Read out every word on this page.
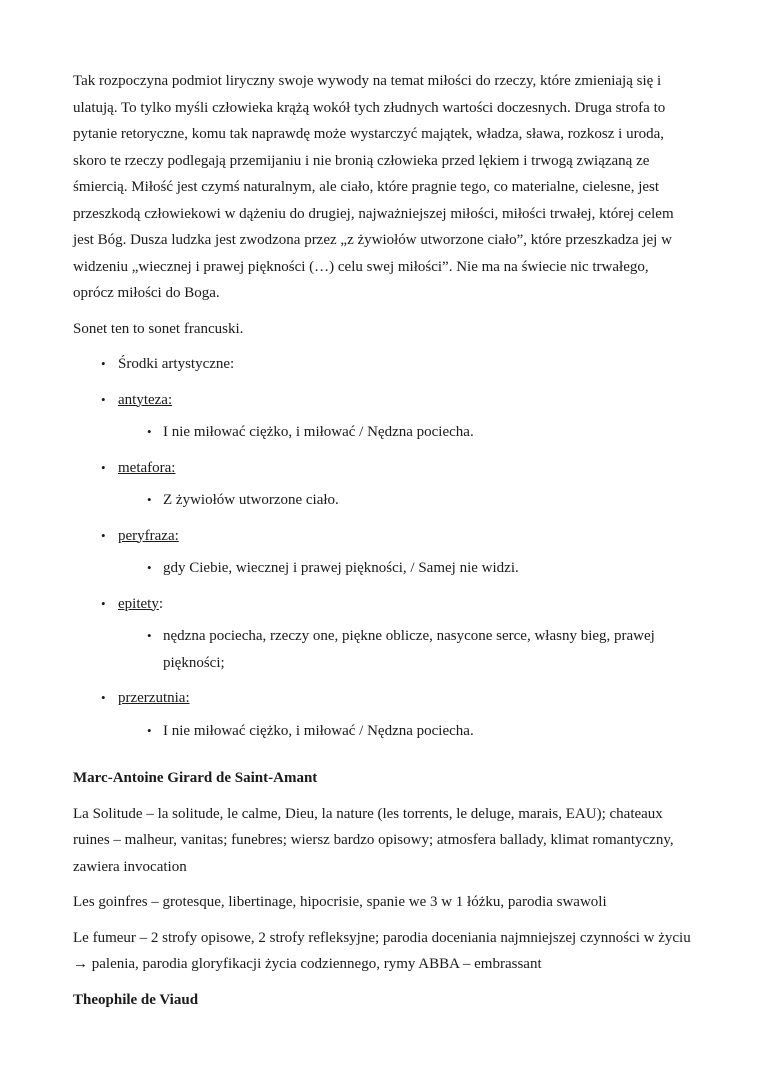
Tak rozpoczyna podmiot liryczny swoje wywody na temat miłości do rzeczy, które zmieniają się i ulatują. To tylko myśli człowieka krążą wokół tych złudnych wartości doczesnych. Druga strofa to pytanie retoryczne, komu tak naprawdę może wystarczyć majątek, władza, sława, rozkosz i uroda, skoro te rzeczy podlegają przemijaniu i nie bronią człowieka przed lękiem i trwogą związaną ze śmiercią. Miłość jest czymś naturalnym, ale ciało, które pragnie tego, co materialne, cielesne, jest przeszkodą człowiekowi w dążeniu do drugiej, najważniejszej miłości, miłości trwałej, której celem jest Bóg. Dusza ludzka jest zwodzona przez „z żywiołów utworzone ciało”, które przeszkadza jej w widzeniu „wiecznej i prawej piękności (…) celu swej miłości”. Nie ma na świecie nic trwałego, oprócz miłości do Boga.

Sonet ten to sonet francuski.

• Środki artystyczne:

• antyteza:

• I nie miłować ciężko, i miłować / Nędzna pociecha.

• metafora:

• Z żywiołów utworzone ciało.

• peryfraza:

• gdy Ciebie, wiecznej i prawej piękności, / Samej nie widzi.

• epitety:

• nędzna pociecha, rzeczy one, piękne oblicze, nasycone serce, własny bieg, prawej piękności;

• przerzutnia:

• I nie miłować ciężko, i miłować / Nędzna pociecha.

Marc-Antoine Girard de Saint-Amant

La Solitude – la solitude, le calme, Dieu, la nature (les torrents, le deluge, marais, EAU); chateaux ruines – malheur, vanitas; funebres; wiersz bardzo opisowy; atmosfera ballady, klimat romantyczny, zawiera invocation

Les goinfres – grotesque, libertinage, hipocrisie, spanie we 3 w 1 łóżku, parodia swawoli

Le fumeur – 2 strofy opisowe, 2 strofy refleksyjne; parodia doceniania najmniejszej czynności w życiu → palenia, parodia gloryfikacji życia codziennego, rymy ABBA – embrassant

Theophile de Viaud
